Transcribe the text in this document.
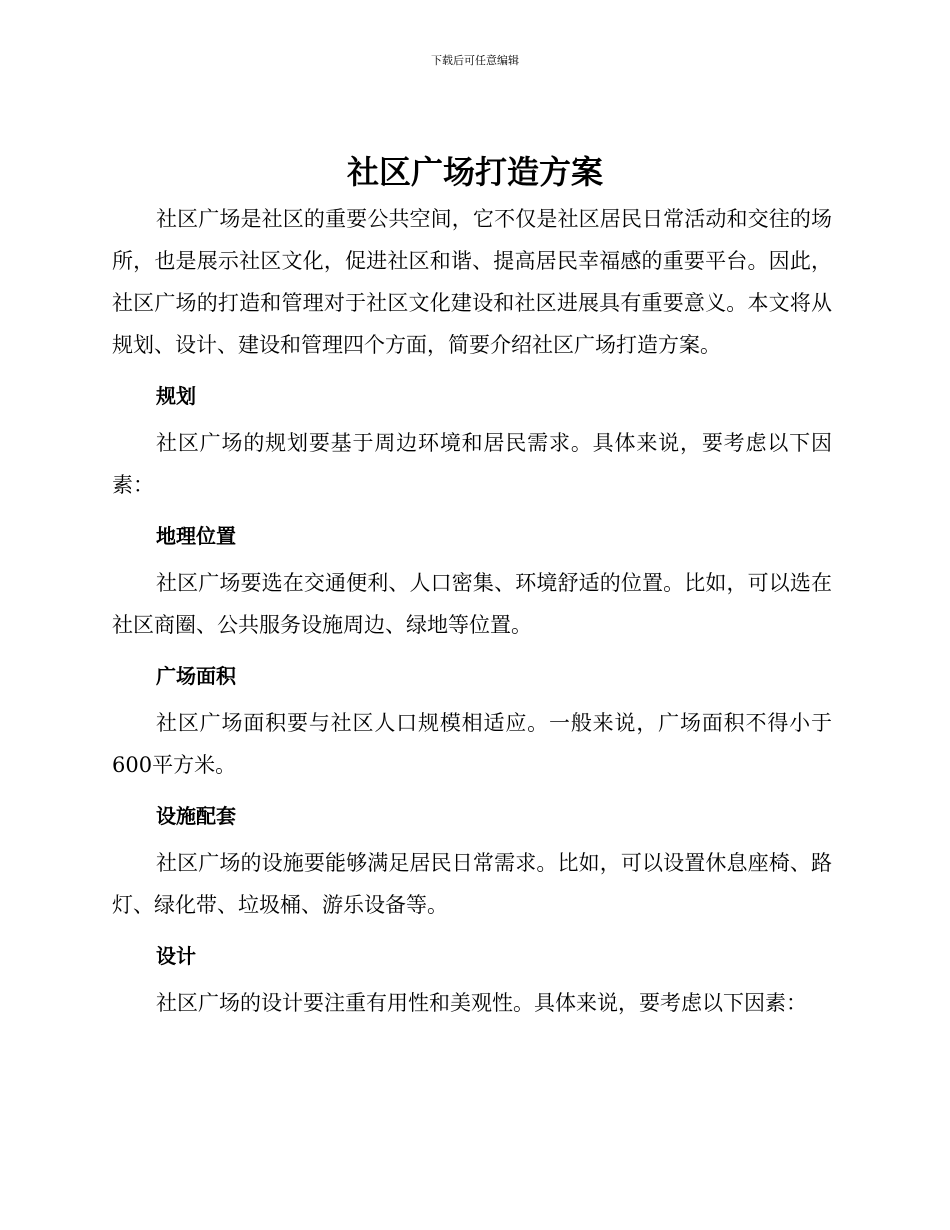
下载后可任意编辑
社区广场打造方案

社区广场是社区的重要公共空间，它不仅是社区居民日常活动和交往的场所，也是展示社区文化，促进社区和谐、提高居民幸福感的重要平台。因此，社区广场的打造和管理对于社区文化建设和社区进展具有重要意义。本文将从规划、设计、建设和管理四个方面，简要介绍社区广场打造方案。

规划

社区广场的规划要基于周边环境和居民需求。具体来说，要考虑以下因素：

地理位置

社区广场要选在交通便利、人口密集、环境舒适的位置。比如，可以选在社区商圈、公共服务设施周边、绿地等位置。

广场面积

社区广场面积要与社区人口规模相适应。一般来说，广场面积不得小于600平方米。

设施配套

社区广场的设施要能够满足居民日常需求。比如，可以设置休息座椅、路灯、绿化带、垃圾桶、游乐设备等。

设计

社区广场的设计要注重有用性和美观性。具体来说，要考虑以下因素：
